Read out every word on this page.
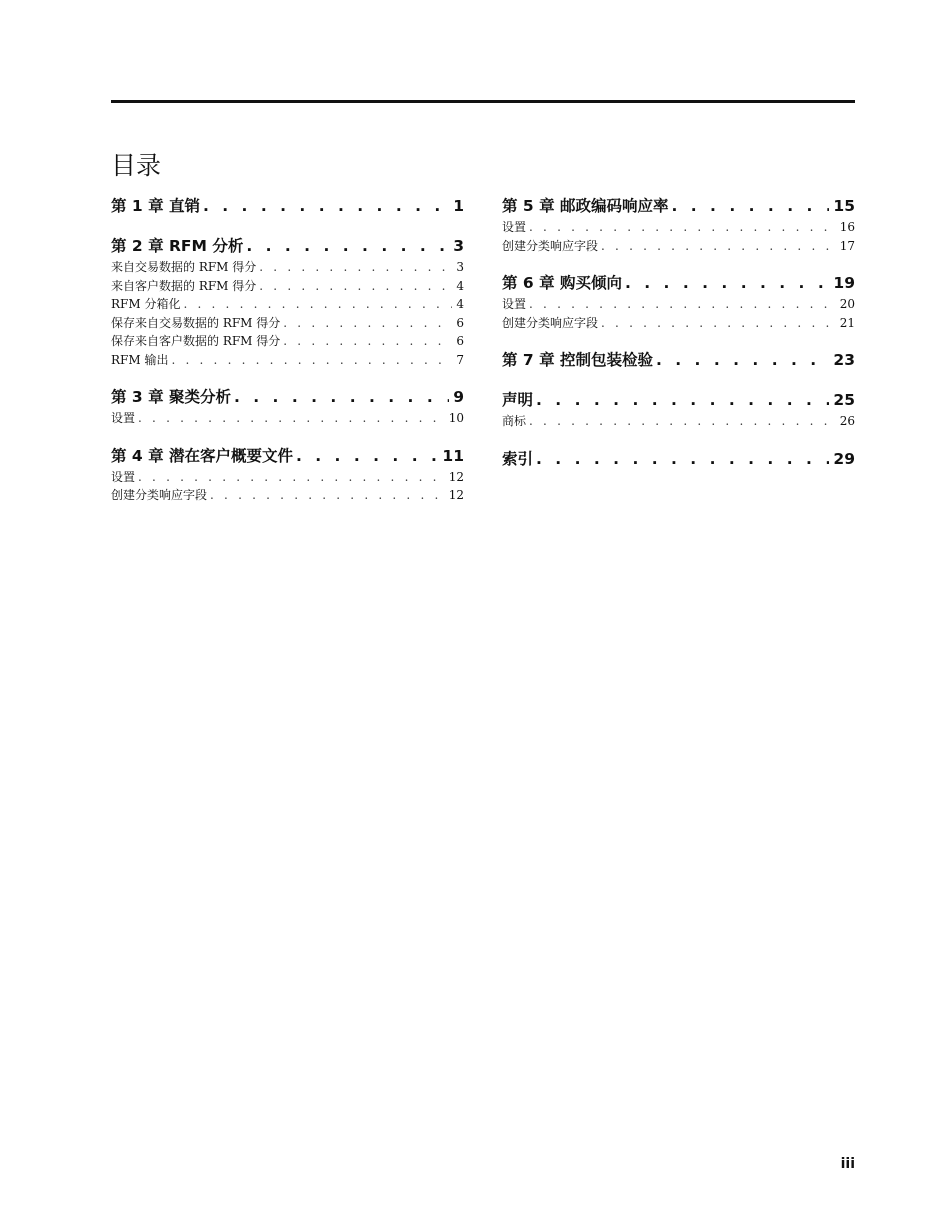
目录
第 1 章 直销 . . .	1
第 2 章 RFM 分析 . . .	3
来自交易数据的 RFM 得分 . . .	3
来自客户数据的 RFM 得分 . . .	4
RFM 分箱化 . . .	4
保存来自交易数据的 RFM 得分 . . .	6
保存来自客户数据的 RFM 得分 . . .	6
RFM 输出 . . .	7
第 3 章 聚类分析 . . .	9
设置 . . .	10
第 4 章 潜在客户概要文件 . . .	11
设置 . . .	12
创建分类响应字段 . . .	12
第 5 章 邮政编码响应率 . . .	15
设置 . . .	16
创建分类响应字段 . . .	17
第 6 章 购买倾向 . . .	19
设置 . . .	20
创建分类响应字段 . . .	21
第 7 章 控制包装检验 . . .	23
声明 . . .	25
商标 . . .	26
索引 . . .	29
iii
